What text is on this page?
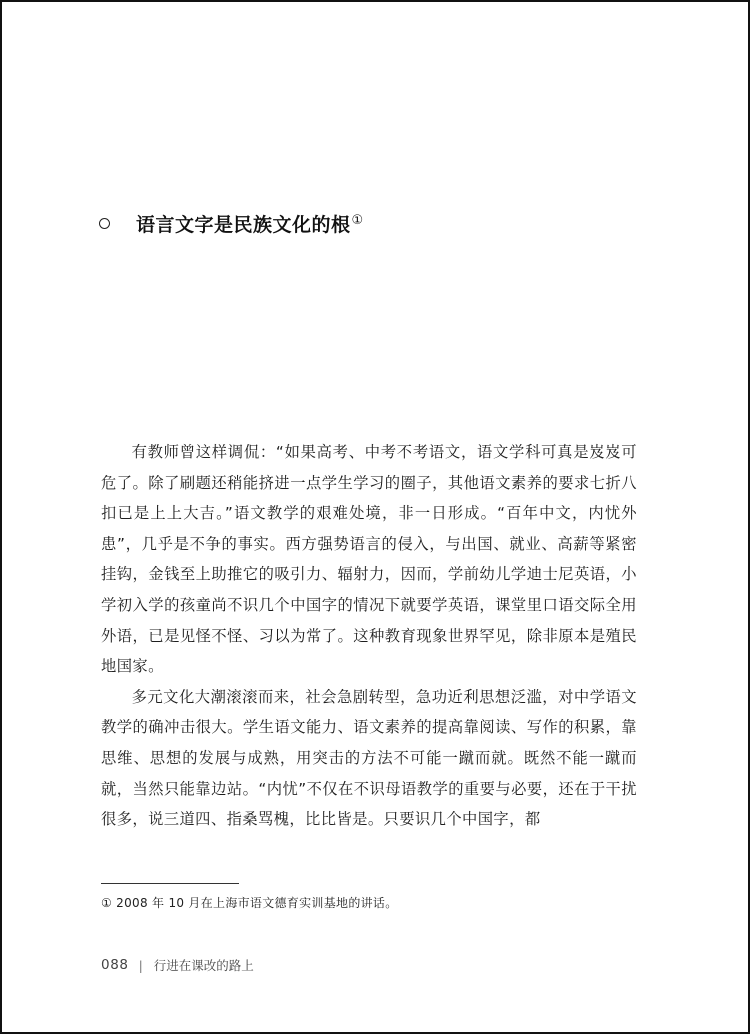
语言文字是民族文化的根①

有教师曾这样调侃：“如果高考、中考不考语文，语文学科可真是岌岌可危了。除了刷题还稍能挤进一点学生学习的圈子，其他语文素养的要求七折八扣已是上上大吉。”语文教学的艰难处境，非一日形成。“百年中文，内忧外患”，几乎是不争的事实。西方强势语言的侵入，与出国、就业、高薪等紧密挂钩，金钱至上助推它的吸引力、辐射力，因而，学前幼儿学迪士尼英语，小学初入学的孩童尚不识几个中国字的情况下就要学英语，课堂里口语交际全用外语，已是见怪不怪、习以为常了。这种教育现象世界罕见，除非原本是殖民地国家。

多元文化大潮滚滚而来，社会急剧转型，急功近利思想泛滥，对中学语文教学的确冲击很大。学生语文能力、语文素养的提高靠阅读、写作的积累，靠思维、思想的发展与成熟，用突击的方法不可能一蹴而就。既然不能一蹴而就，当然只能靠边站。“内忧”不仅在不识母语教学的重要与必要，还在于干扰很多，说三道四、指桑骂槐，比比皆是。只要识几个中国字，都

① 2008 年 10 月在上海市语文德育实训基地的讲话。
088 | 行进在课改的路上
